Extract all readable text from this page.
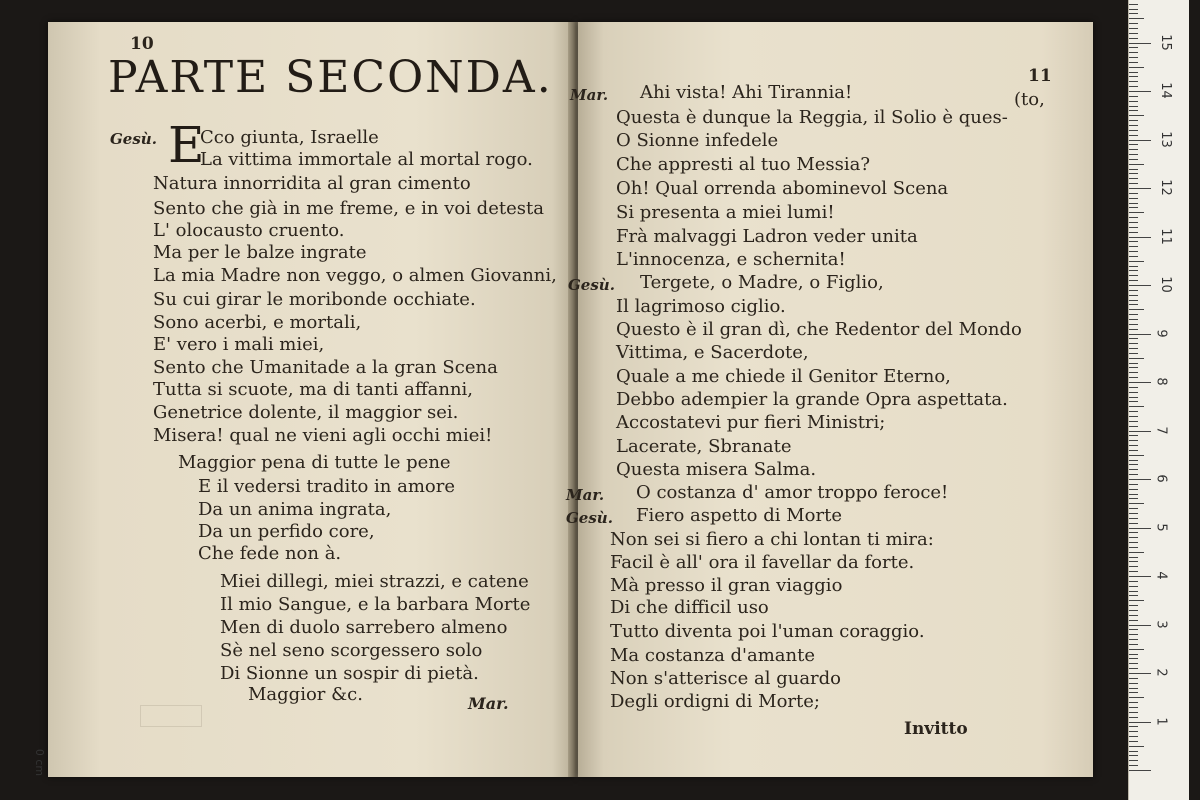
10
PARTE SECONDA.
Gesù. E
Cco giunta, Israelle
La vittima immortale al mortal rogo.
Natura innorridita al gran cimento
Sento che già in me freme, e in voi detesta
L' olocausto cruento.
Ma per le balze ingrate
La mia Madre non veggo, o almen Giovanni,
Su cui girar le moribonde occhiate.
Sono acerbi, e mortali,
E' vero i mali miei,
Sento che Umanitade a la gran Scena
Tutta si scuote, ma di tanti affanni,
Genetrice dolente, il maggior sei.
Misera! qual ne vieni agli occhi miei!
Maggior pena di tutte le pene
E il vedersi tradito in amore
Da un anima ingrata,
Da un perfido core,
Che fede non à.
Miei dillegi, miei strazzi, e catene
Il mio Sangue, e la barbara Morte
Men di duolo sarrebero almeno
Sè nel seno scorgessero solo
Di Sionne un sospir di pietà.
Maggior &c.	Mar.
11
Mar. Ahi vista! Ahi Tirannia!	(to,
Questa è dunque la Reggia, il Solio è ques-
O Sionne infedele
Che appresti al tuo Messia?
Oh! Qual orrenda abominevol Scena
Si presenta a miei lumi!
Frà malvaggi Ladron veder unita
L'innocenza, e schernita!
Gesù. Tergete, o Madre, o Figlio,
Il lagrimoso ciglio.
Questo è il gran dì, che Redentor del Mondo
Vittima, e Sacerdote,
Quale a me chiede il Genitor Eterno,
Debbo adempier la grande Opra aspettata.
Accostatevi pur fieri Ministri;
Lacerate, Sbranate
Questa misera Salma.
Mar. O costanza d' amor troppo feroce!
Gesù. Fiero aspetto di Morte
Non sei si fiero a chi lontan ti mira:
Facil è all' ora il favellar da forte.
Mà presso il gran viaggio
Di che difficil uso
Tutto diventa poi l'uman coraggio.
Ma costanza d'amante
Non s'atterisce al guardo
Degli ordigni di Morte;
Invitto	1
2
3
4
5
6
7
8
9
10
11
12
13
14
15
0 cm
